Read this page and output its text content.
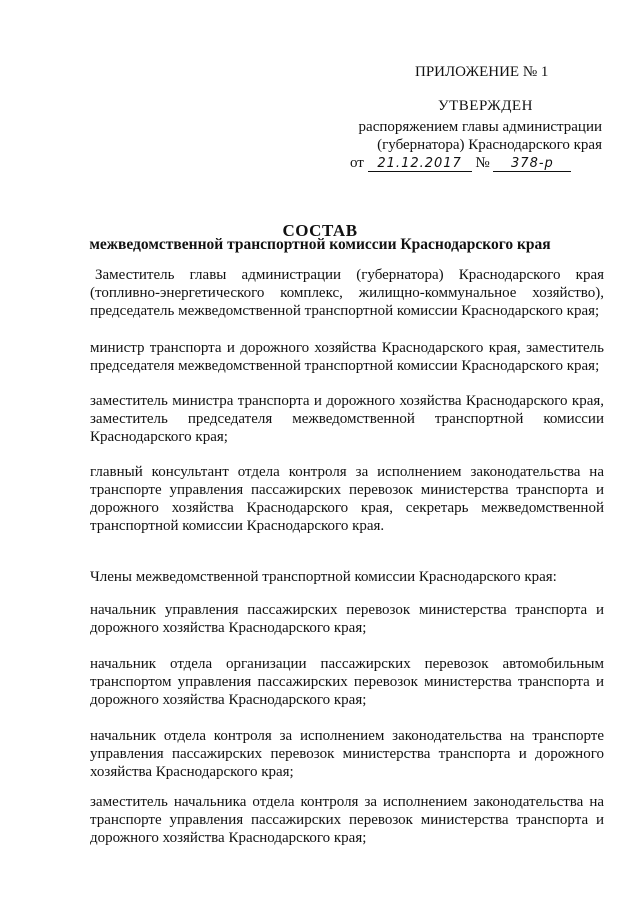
ПРИЛОЖЕНИЕ № 1
УТВЕРЖДЕН
распоряжением главы администрации
(губернатора) Краснодарского края
от 21.12.2017 № 378-р
СОСТАВ
межведомственной транспортной комиссии Краснодарского края
Заместитель главы администрации (губернатора) Краснодарского края (топливно-энергетического комплекс, жилищно-коммунальное хозяйство), председатель межведомственной транспортной комиссии Краснодарского края;
министр транспорта и дорожного хозяйства Краснодарского края, заместитель председателя межведомственной транспортной комиссии Краснодарского края;
заместитель министра транспорта и дорожного хозяйства Краснодарского края, заместитель председателя межведомственной транспортной комиссии Краснодарского края;
главный консультант отдела контроля за исполнением законодательства на транспорте управления пассажирских перевозок министерства транспорта и дорожного хозяйства Краснодарского края, секретарь межведомственной транспортной комиссии Краснодарского края.
Члены межведомственной транспортной комиссии Краснодарского края:
начальник управления пассажирских перевозок министерства транспорта и дорожного хозяйства Краснодарского края;
начальник отдела организации пассажирских перевозок автомобильным транспортом управления пассажирских перевозок министерства транспорта и дорожного хозяйства Краснодарского края;
начальник отдела контроля за исполнением законодательства на транспорте управления пассажирских перевозок министерства транспорта и дорожного хозяйства Краснодарского края;
заместитель начальника отдела контроля за исполнением законодательства на транспорте управления пассажирских перевозок министерства транспорта и дорожного хозяйства Краснодарского края;
